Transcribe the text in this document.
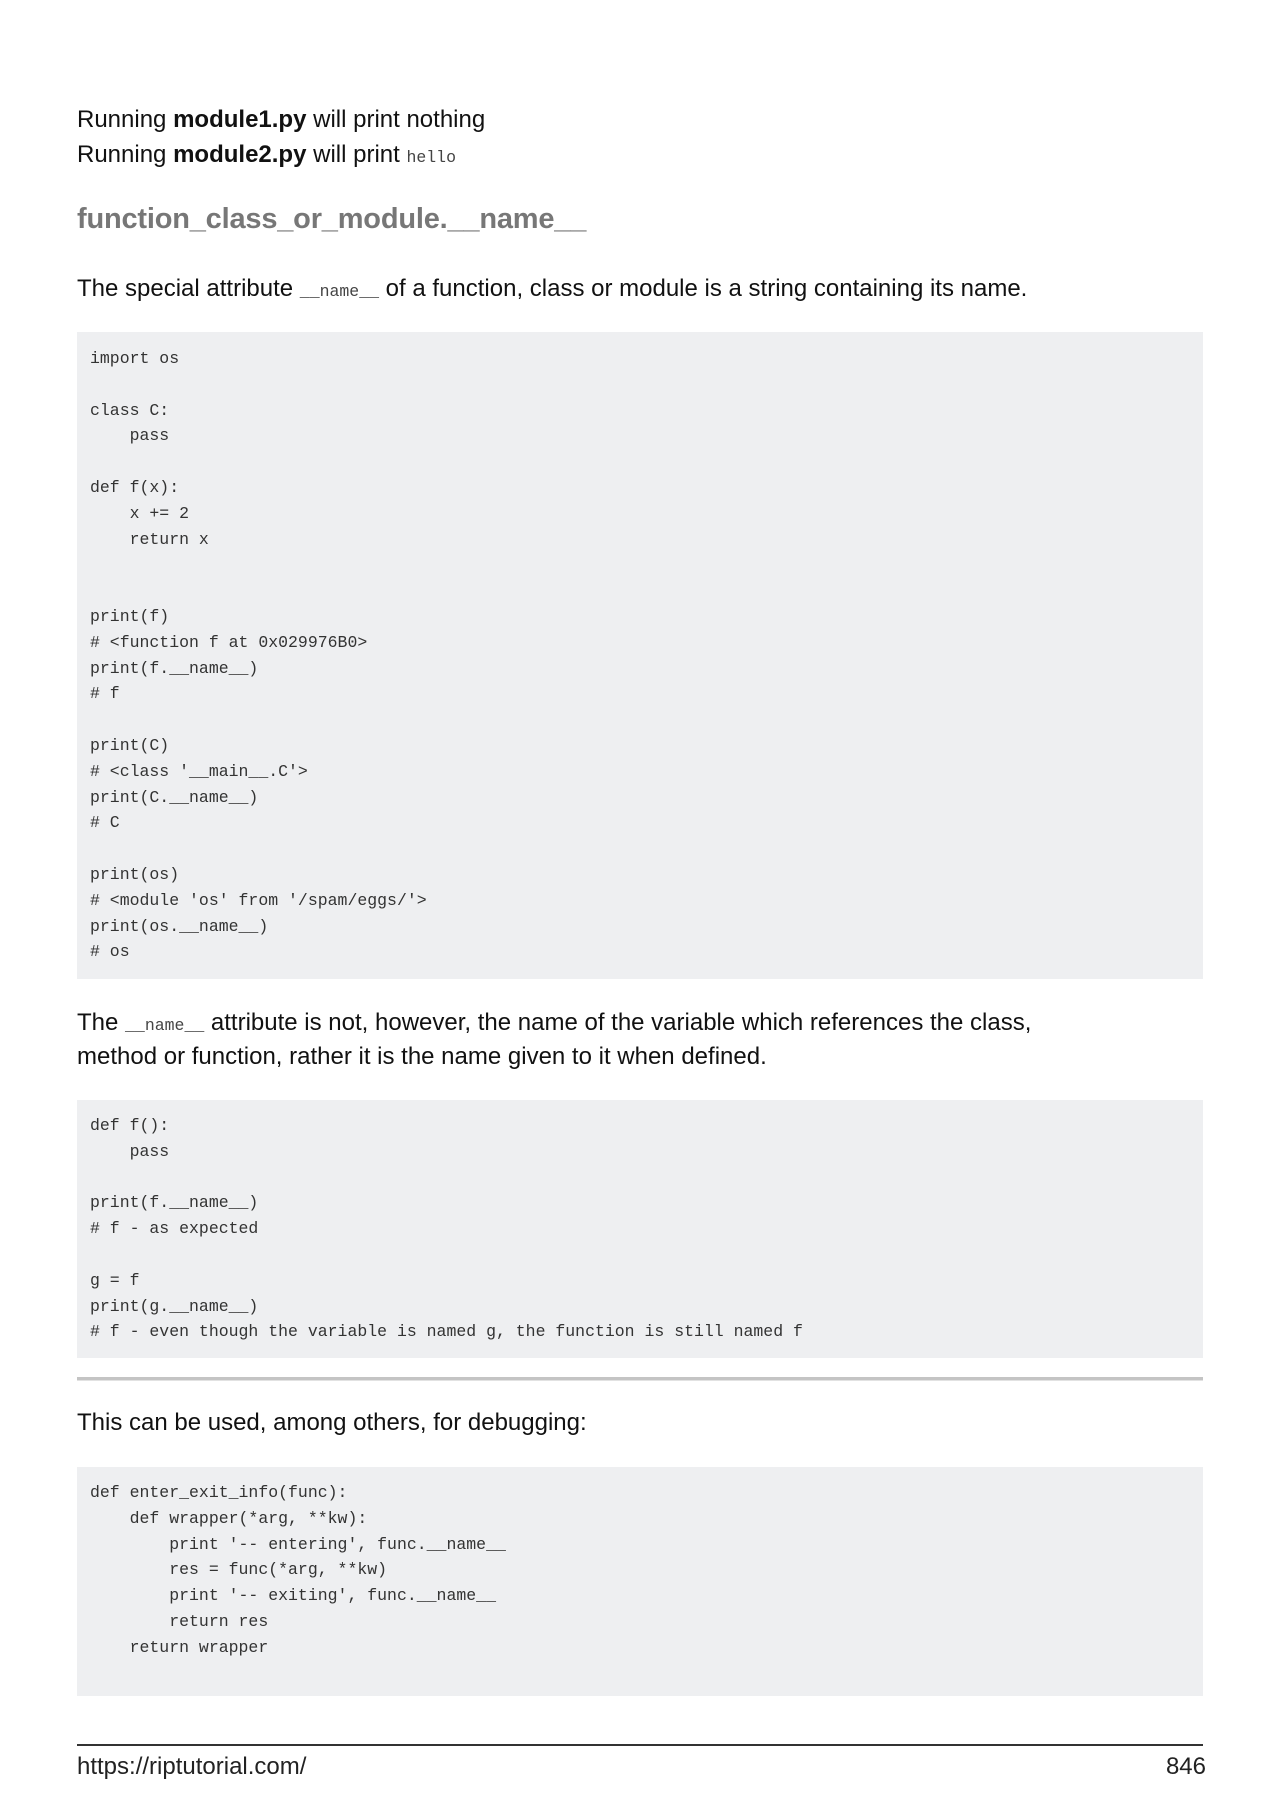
Running module1.py will print nothing
Running module2.py will print hello
function_class_or_module.__name__
The special attribute __name__ of a function, class or module is a string containing its name.
import os
class C:
pass
def f(x):
x += 2
return x
print(f)
# <function f at 0x029976B0>
print(f.__name__)
# f
print(C)
# <class '__main__.C'>
print(C.__name__)
# C
print(os)
# <module 'os' from '/spam/eggs/'>
print(os.__name__)
# os
The __name__ attribute is not, however, the name of the variable which references the class,
method or function, rather it is the name given to it when defined.
def f():
pass
print(f.__name__)
# f - as expected
g = f
print(g.__name__)
# f - even though the variable is named g, the function is still named f
This can be used, among others, for debugging:
def enter_exit_info(func):
def wrapper(*arg, **kw):
print '-- entering', func.__name__
res = func(*arg, **kw)
print '-- exiting', func.__name__
return res
return wrapper
https://riptutorial.com/	846
